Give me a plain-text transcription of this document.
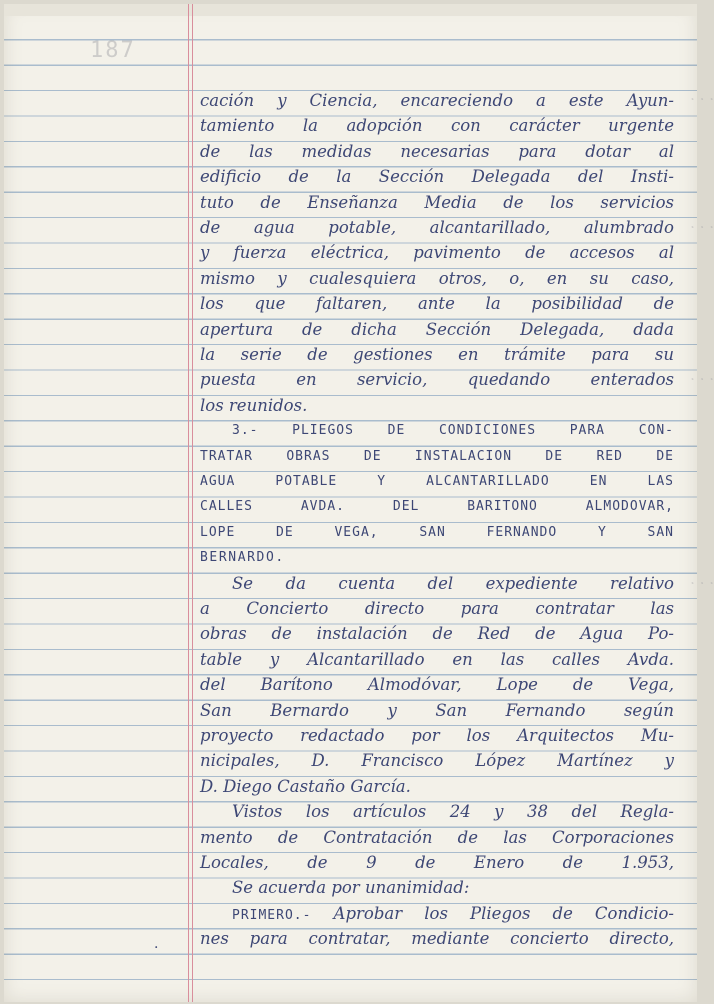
187
· · ·
· · ·
· · ·
· · ·
cación y Ciencia, encareciendo a este Ayun-
tamiento la adopción con carácter urgente
de las medidas necesarias para dotar al
edificio de la Sección Delegada del Insti-
tuto de Enseñanza Media de los servicios
de agua potable, alcantarillado, alumbrado
y fuerza eléctrica, pavimento de accesos al
mismo y cualesquiera otros, o, en su caso,
los que faltaren, ante la posibilidad de
apertura de dicha Sección Delegada, dada
la serie de gestiones en trámite para su
puesta en servicio, quedando enterados
los reunidos.
3.- PLIEGOS DE CONDICIONES PARA CON-
TRATAR OBRAS DE INSTALACION DE RED DE
AGUA POTABLE Y ALCANTARILLADO EN LAS
CALLES AVDA. DEL BARITONO ALMODOVAR,
LOPE DE VEGA, SAN FERNANDO Y SAN
BERNARDO.
Se da cuenta del expediente relativo
a Concierto directo para contratar las
obras de instalación de Red de Agua Po-
table y Alcantarillado en las calles Avda.
del Barítono Almodóvar, Lope de Vega,
San Bernardo y San Fernando según
proyecto redactado por los Arquitectos Mu-
nicipales, D. Francisco López Martínez y
D. Diego Castaño García.
Vistos los artículos 24 y 38 del Regla-
mento de Contratación de las Corporaciones
Locales, de 9 de Enero de 1.953,
Se acuerda por unanimidad:
PRIMERO.- Aprobar los Pliegos de Condicio-
nes para contratar, mediante concierto directo,
·
